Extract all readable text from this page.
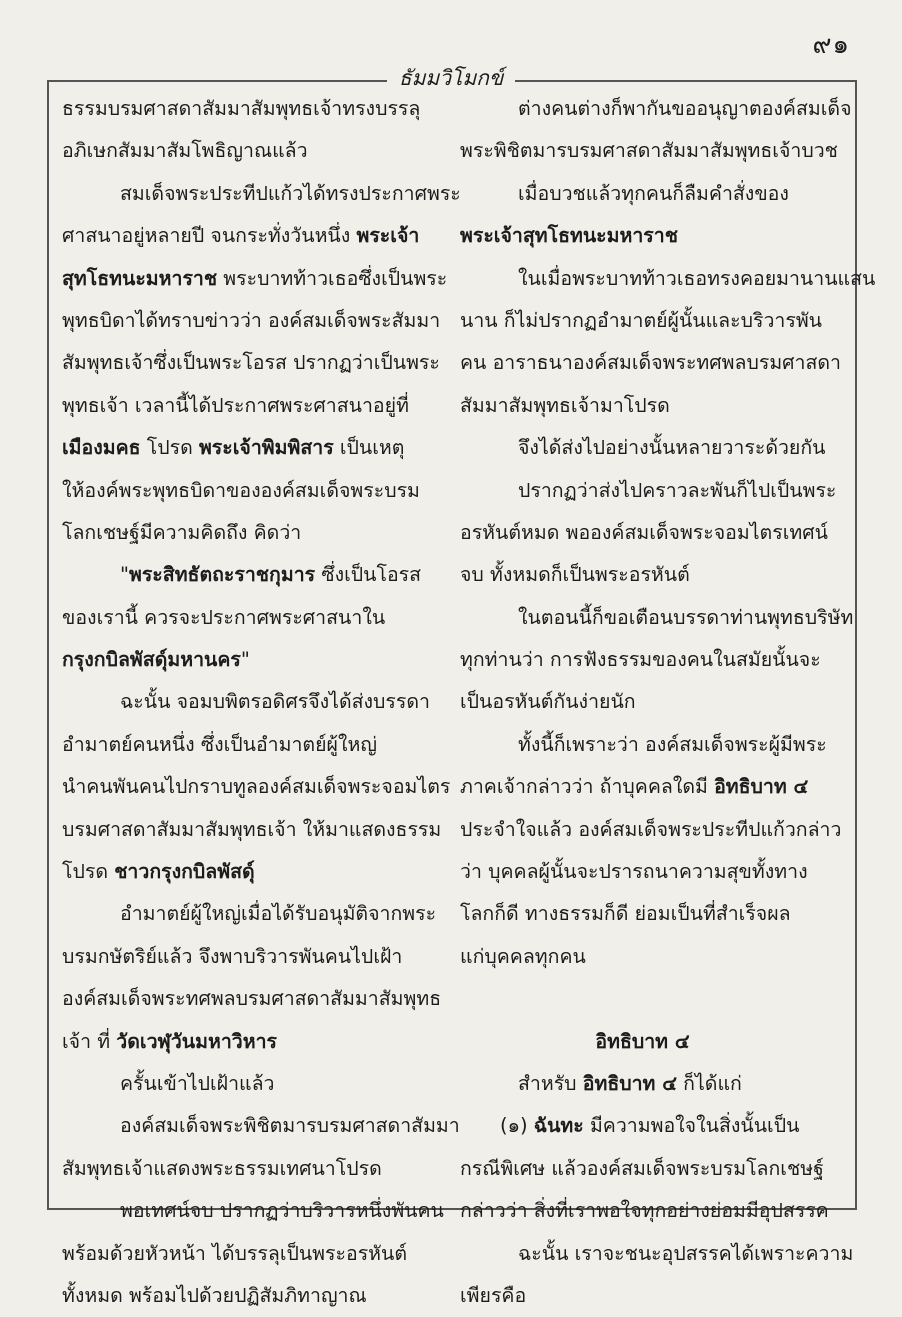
๙๑
ธัมมวิโมกข์
ธรรมบรมศาสดาสัมมาสัมพุทธเจ้าทรงบรรลุ
อภิเษกสัมมาสัมโพธิญาณแล้ว
สมเด็จพระประทีปแก้วได้ทรงประกาศพระ
ศาสนาอยู่หลายปี จนกระทั่งวันหนึ่ง พระเจ้า
สุทโธทนะมหาราช พระบาทท้าวเธอซึ่งเป็นพระ
พุทธบิดาได้ทราบข่าวว่า องค์สมเด็จพระสัมมา
สัมพุทธเจ้าซึ่งเป็นพระโอรส ปรากฏว่าเป็นพระ
พุทธเจ้า เวลานี้ได้ประกาศพระศาสนาอยู่ที่
เมืองมคธ โปรด พระเจ้าพิมพิสาร เป็นเหตุ
ให้องค์พระพุทธบิดาขององค์สมเด็จพระบรม
โลกเชษฐ์มีความคิดถึง คิดว่า
"พระสิทธัตถะราชกุมาร ซึ่งเป็นโอรส
ของเรานี้ ควรจะประกาศพระศาสนาใน
กรุงกบิลพัสดุ์มหานคร"
ฉะนั้น จอมบพิตรอดิศรจึงได้ส่งบรรดา
อำมาตย์คนหนึ่ง ซึ่งเป็นอำมาตย์ผู้ใหญ่
นำคนพันคนไปกราบทูลองค์สมเด็จพระจอมไตร
บรมศาสดาสัมมาสัมพุทธเจ้า ให้มาแสดงธรรม
โปรด ชาวกรุงกบิลพัสดุ์
อำมาตย์ผู้ใหญ่เมื่อได้รับอนุมัติจากพระ
บรมกษัตริย์แล้ว จึงพาบริวารพันคนไปเฝ้า
องค์สมเด็จพระทศพลบรมศาสดาสัมมาสัมพุทธ
เจ้า ที่ วัดเวฬุวันมหาวิหาร
ครั้นเข้าไปเฝ้าแล้ว
องค์สมเด็จพระพิชิตมารบรมศาสดาสัมมา
สัมพุทธเจ้าแสดงพระธรรมเทศนาโปรด
พอเทศน์จบ ปรากฏว่าบริวารหนึ่งพันคน
พร้อมด้วยหัวหน้า ได้บรรลุเป็นพระอรหันต์
ทั้งหมด พร้อมไปด้วยปฏิสัมภิทาญาณ
ต่างคนต่างก็พากันขออนุญาตองค์สมเด็จ
พระพิชิตมารบรมศาสดาสัมมาสัมพุทธเจ้าบวช
เมื่อบวชแล้วทุกคนก็ลืมคำสั่งของ
พระเจ้าสุทโธทนะมหาราช
ในเมื่อพระบาทท้าวเธอทรงคอยมานานแสน
นาน ก็ไม่ปรากฏอำมาตย์ผู้นั้นและบริวารพัน
คน อาราธนาองค์สมเด็จพระทศพลบรมศาสดา
สัมมาสัมพุทธเจ้ามาโปรด
จึงได้ส่งไปอย่างนั้นหลายวาระด้วยกัน
ปรากฏว่าส่งไปคราวละพันก็ไปเป็นพระ
อรหันต์หมด พอองค์สมเด็จพระจอมไตรเทศน์
จบ ทั้งหมดก็เป็นพระอรหันต์
ในตอนนี้ก็ขอเตือนบรรดาท่านพุทธบริษัท
ทุกท่านว่า การฟังธรรมของคนในสมัยนั้นจะ
เป็นอรหันต์กันง่ายนัก
ทั้งนี้ก็เพราะว่า องค์สมเด็จพระผู้มีพระ
ภาคเจ้ากล่าวว่า ถ้าบุคคลใดมี อิทธิบาท ๔
ประจำใจแล้ว องค์สมเด็จพระประทีปแก้วกล่าว
ว่า บุคคลผู้นั้นจะปรารถนาความสุขทั้งทาง
โลกก็ดี ทางธรรมก็ดี ย่อมเป็นที่สำเร็จผล
แก่บุคคลทุกคน
อิทธิบาท ๔
สำหรับ อิทธิบาท ๔ ก็ได้แก่
(๑) ฉันทะ มีความพอใจในสิ่งนั้นเป็น
กรณีพิเศษ แล้วองค์สมเด็จพระบรมโลกเชษฐ์
กล่าวว่า สิ่งที่เราพอใจทุกอย่างย่อมมีอุปสรรค
ฉะนั้น เราจะชนะอุปสรรคได้เพราะความ
เพียรคือ
